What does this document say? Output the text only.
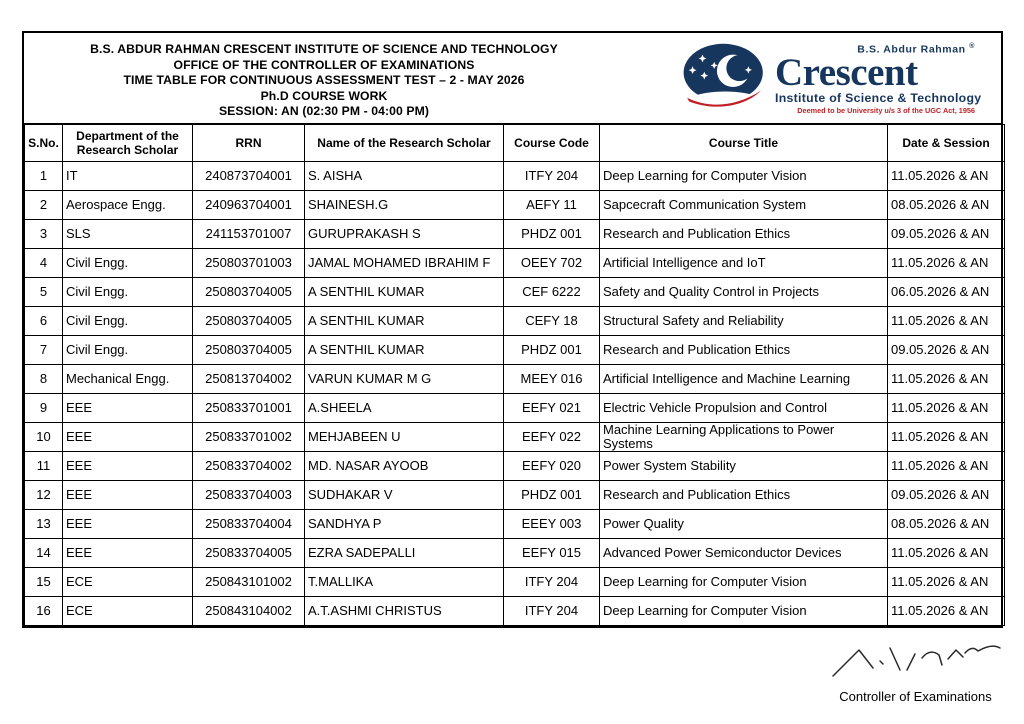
B.S. ABDUR RAHMAN CRESCENT INSTITUTE OF SCIENCE AND TECHNOLOGY
OFFICE OF THE CONTROLLER OF EXAMINATIONS
TIME TABLE FOR CONTINUOUS ASSESSMENT TEST – 2 - MAY 2026
Ph.D COURSE WORK
SESSION: AN (02:30 PM - 04:00 PM)
B.S. Abdur Rahman ®
Crescent
Institute of Science & Technology
Deemed to be University u/s 3 of the UGC Act, 1956
S.No.	Department of the Research Scholar	RRN	Name of the Research Scholar	Course Code	Course Title	Date & Session
1	IT	240873704001	S. AISHA	ITFY 204	Deep Learning for Computer Vision	11.05.2026 & AN
2	Aerospace Engg.	240963704001	SHAINESH.G	AEFY 11	Sapcecraft Communication System	08.05.2026 & AN
3	SLS	241153701007	GURUPRAKASH S	PHDZ 001	Research and Publication Ethics	09.05.2026 & AN
4	Civil Engg.	250803701003	JAMAL MOHAMED IBRAHIM F	OEEY 702	Artificial Intelligence and IoT	11.05.2026 & AN
5	Civil Engg.	250803704005	A SENTHIL KUMAR	CEF 6222	Safety and Quality Control in Projects	06.05.2026 & AN
6	Civil Engg.	250803704005	A SENTHIL KUMAR	CEFY 18	Structural Safety and Reliability	11.05.2026 & AN
7	Civil Engg.	250803704005	A SENTHIL KUMAR	PHDZ 001	Research and Publication Ethics	09.05.2026 & AN
8	Mechanical Engg.	250813704002	VARUN KUMAR M G	MEEY 016	Artificial Intelligence and Machine Learning	11.05.2026 & AN
9	EEE	250833701001	A.SHEELA	EEFY 021	Electric Vehicle Propulsion and Control	11.05.2026 & AN
10	EEE	250833701002	MEHJABEEN U	EEFY 022	Machine Learning Applications to Power Systems	11.05.2026 & AN
11	EEE	250833704002	MD. NASAR AYOOB	EEFY 020	Power System Stability	11.05.2026 & AN
12	EEE	250833704003	SUDHAKAR V	PHDZ 001	Research and Publication Ethics	09.05.2026 & AN
13	EEE	250833704004	SANDHYA P	EEEY 003	Power Quality	08.05.2026 & AN
14	EEE	250833704005	EZRA SADEPALLI	EEFY 015	Advanced Power Semiconductor Devices	11.05.2026 & AN
15	ECE	250843101002	T.MALLIKA	ITFY 204	Deep Learning for Computer Vision	11.05.2026 & AN
16	ECE	250843104002	A.T.ASHMI CHRISTUS	ITFY 204	Deep Learning for Computer Vision	11.05.2026 & AN
Controller of Examinations
